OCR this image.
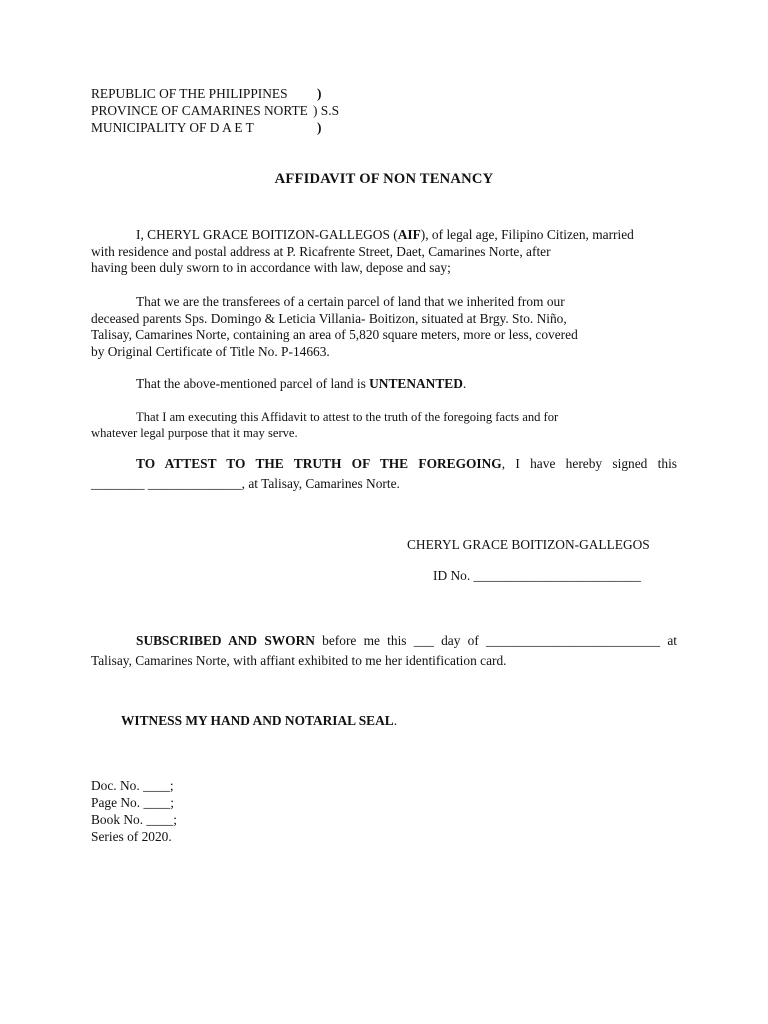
REPUBLIC OF THE PHILIPPINES )
PROVINCE OF CAMARINES NORTE ) S.S
MUNICIPALITY OF D A E T	)
AFFIDAVIT OF NON TENANCY
I, CHERYL GRACE BOITIZON-GALLEGOS (AIF), of legal age, Filipino Citizen, married
with residence and postal address at P. Ricafrente Street, Daet, Camarines Norte, after
having been duly sworn to in accordance with law, depose and say;
That we are the transferees of a certain parcel of land that we inherited from our
deceased parents Sps. Domingo & Leticia Villania- Boitizon, situated at Brgy. Sto. Niño,
Talisay, Camarines Norte, containing an area of 5,820 square meters, more or less, covered
by Original Certificate of Title No. P-14663.
That the above-mentioned parcel of land is UNTENANTED.
That I am executing this Affidavit to attest to the truth of the foregoing facts and for
whatever legal purpose that it may serve.
TO ATTEST TO THE TRUTH OF THE FOREGOING, I have hereby signed this
________ ______________, at Talisay, Camarines Norte.
CHERYL GRACE BOITIZON-GALLEGOS
ID No. _________________________
SUBSCRIBED AND SWORN before me this ___ day of __________________________ at
Talisay, Camarines Norte, with affiant exhibited to me her identification card.
WITNESS MY HAND AND NOTARIAL SEAL.
Doc. No. ____;
Page No. ____;
Book No. ____;
Series of 2020.
